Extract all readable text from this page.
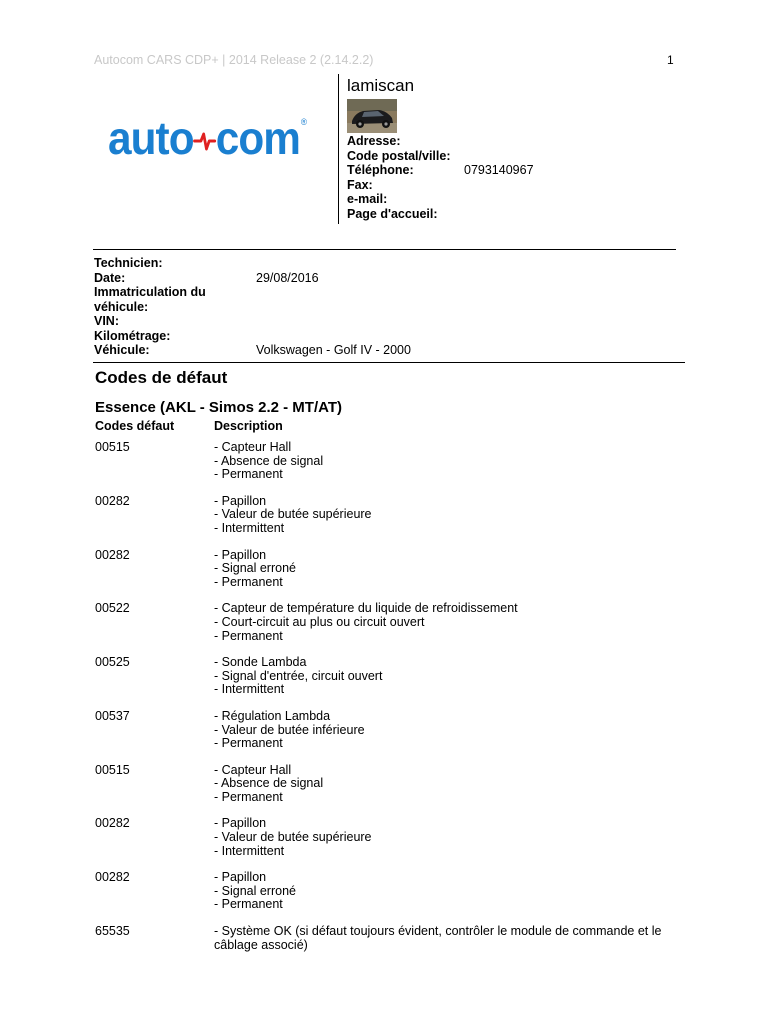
Autocom CARS CDP+ | 2014 Release 2 (2.14.2.2)	1
auto com ®
lamiscan
Adresse:
Code postal/ville:
Téléphone:	0793140967
Fax:
e-mail:
Page d'accueil:
Technicien:
Date:	29/08/2016
Immatriculation du
véhicule:
VIN:
Kilométrage:
Véhicule:	Volkswagen - Golf IV - 2000
Codes de défaut
Essence (AKL - Simos 2.2 - MT/AT)
Codes défaut	Description
00515	- Capteur Hall
- Absence de signal
- Permanent
00282	- Papillon
- Valeur de butée supérieure
- Intermittent
00282	- Papillon
- Signal erroné
- Permanent
00522	- Capteur de température du liquide de refroidissement
- Court-circuit au plus ou circuit ouvert
- Permanent
00525	- Sonde Lambda
- Signal d'entrée, circuit ouvert
- Intermittent
00537	- Régulation Lambda
- Valeur de butée inférieure
- Permanent
00515	- Capteur Hall
- Absence de signal
- Permanent
00282	- Papillon
- Valeur de butée supérieure
- Intermittent
00282	- Papillon
- Signal erroné
- Permanent
65535	- Système OK (si défaut toujours évident, contrôler le module de commande et le câblage associé)
